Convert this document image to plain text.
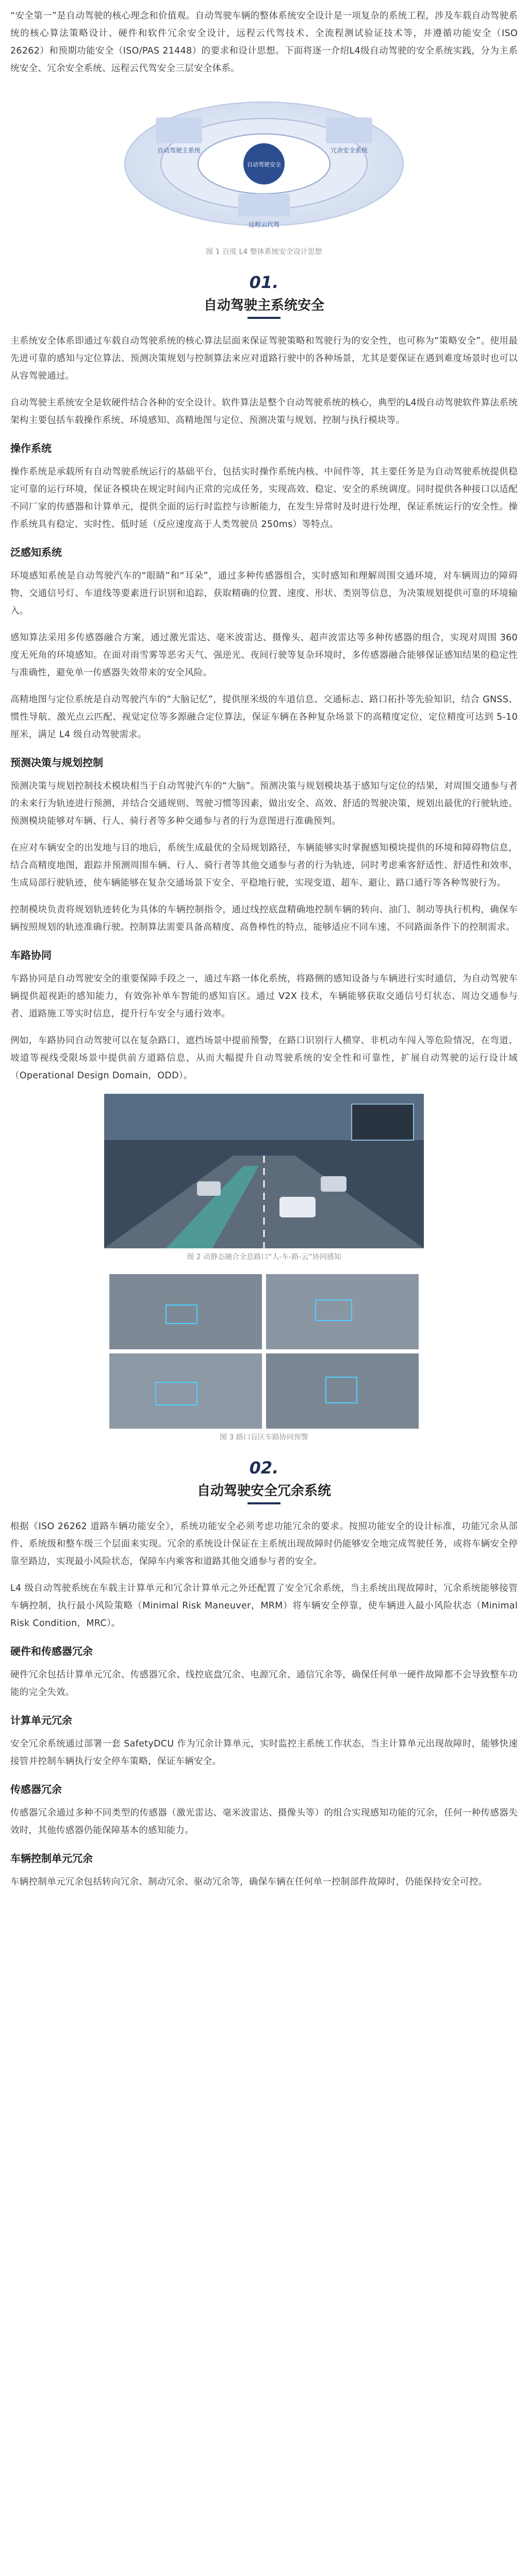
“安全第一”是自动驾驶的核心理念和价值观。自动驾驶车辆的整体系统安全设计是一项复杂的系统工程，涉及车载自动驾驶系统的核心算法策略设计、硬件和软件冗余安全设计，远程云代驾技术、全流程测试验证技术等，并遵循功能安全（ISO 26262）和预期功能安全（ISO/PAS 21448）的要求和设计思想。下面将逐一介绍L4级自动驾驶的安全系统实践，分为主系统安全、冗余安全系统、远程云代驾安全三层安全体系。

自动驾驶安全
自动驾驶主系统	冗余安全系统
远程云代驾
图 1 百度 L4 整体系统安全设计思想
01.
自动驾驶主系统安全

主系统安全体系即通过车载自动驾驶系统的核心算法层面来保证驾驶策略和驾驶行为的安全性，也可称为“策略安全”。使用最先进可靠的感知与定位算法、预测决策规划与控制算法来应对道路行驶中的各种场景，尤其是要保证在遇到难度场景时也可以从容驾驶通过。

自动驾驶主系统安全是软硬件结合各种的安全设计。软件算法是整个自动驾驶系统的核心，典型的L4级自动驾驶软件算法系统架构主要包括车载操作系统、环境感知、高精地图与定位、预测决策与规划、控制与执行模块等。

操作系统

操作系统是承载所有自动驾驶系统运行的基础平台，包括实时操作系统内核、中间件等，其主要任务是为自动驾驶系统提供稳定可靠的运行环境，保证各模块在规定时间内正常的完成任务，实现高效、稳定、安全的系统调度。同时提供各种接口以适配不同厂家的传感器和计算单元，提供全面的运行时监控与诊断能力，在发生异常时及时进行处理，保证系统运行的安全性。操作系统具有稳定、实时性、低时延（反应速度高于人类驾驶员 250ms）等特点。

泛感知系统

环境感知系统是自动驾驶汽车的“眼睛”和“耳朵”，通过多种传感器组合，实时感知和理解周围交通环境，对车辆周边的障碍物、交通信号灯、车道线等要素进行识别和追踪，获取精确的位置、速度、形状、类别等信息，为决策规划提供可靠的环境输入。

感知算法采用多传感器融合方案，通过激光雷达、毫米波雷达、摄像头、超声波雷达等多种传感器的组合，实现对周围 360 度无死角的环境感知。在面对雨雪雾等恶劣天气、强逆光、夜间行驶等复杂环境时，多传感器融合能够保证感知结果的稳定性与准确性，避免单一传感器失效带来的安全风险。

高精地图与定位系统是自动驾驶汽车的“大脑记忆”，提供厘米级的车道信息、交通标志、路口拓扑等先验知识，结合 GNSS、惯性导航、激光点云匹配、视觉定位等多源融合定位算法，保证车辆在各种复杂场景下的高精度定位，定位精度可达到 5-10 厘米，满足 L4 级自动驾驶需求。

预测决策与规划控制

预测决策与规划控制技术模块相当于自动驾驶汽车的“大脑”。预测决策与规划模块基于感知与定位的结果，对周围交通参与者的未来行为轨迹进行预测，并结合交通规则、驾驶习惯等因素，做出安全、高效、舒适的驾驶决策，规划出最优的行驶轨迹。预测模块能够对车辆、行人、骑行者等多种交通参与者的行为意图进行准确预判。

在应对车辆安全的出发地与目的地后，系统生成最优的全局规划路径，车辆能够实时掌握感知模块提供的环境和障碍物信息，结合高精度地图，跟踪并预测周围车辆、行人、骑行者等其他交通参与者的行为轨迹，同时考虑乘客舒适性、舒适性和效率，生成局部行驶轨迹，使车辆能够在复杂交通场景下安全、平稳地行驶，实现变道、超车、避让、路口通行等各种驾驶行为。

控制模块负责将规划轨迹转化为具体的车辆控制指令，通过线控底盘精确地控制车辆的转向、油门、制动等执行机构，确保车辆按照规划的轨迹准确行驶。控制算法需要具备高精度、高鲁棒性的特点，能够适应不同车速、不同路面条件下的控制需求。

车路协同

车路协同是自动驾驶安全的重要保障手段之一，通过车路一体化系统，将路侧的感知设备与车辆进行实时通信，为自动驾驶车辆提供超视距的感知能力，有效弥补单车智能的感知盲区。通过 V2X 技术，车辆能够获取交通信号灯状态、周边交通参与者、道路施工等实时信息，提升行车安全与通行效率。

例如，车路协同自动驾驶可以在复杂路口、遮挡场景中提前预警，在路口识别行人横穿、非机动车闯入等危险情况，在弯道、坡道等视线受限场景中提供前方道路信息，从而大幅提升自动驾驶系统的安全性和可靠性，扩展自动驾驶的运行设计域（Operational Design Domain，ODD）。

图 2 动静态融合全息路口“人-车-路-云”协同感知
图 3 路口盲区车路协同预警
02.
自动驾驶安全冗余系统

根据《ISO 26262 道路车辆功能安全》，系统功能安全必须考虑功能冗余的要求。按照功能安全的设计标准，功能冗余从部件、系统级和整车级三个层面来实现。冗余的系统设计保证在主系统出现故障时仍能够安全地完成驾驶任务，或将车辆安全停靠至路边，实现最小风险状态，保障车内乘客和道路其他交通参与者的安全。

L4 级自动驾驶系统在车载主计算单元和冗余计算单元之外还配置了安全冗余系统，当主系统出现故障时，冗余系统能够接管车辆控制，执行最小风险策略（Minimal Risk Maneuver，MRM）将车辆安全停靠，使车辆进入最小风险状态（Minimal Risk Condition，MRC）。

硬件和传感器冗余

硬件冗余包括计算单元冗余、传感器冗余、线控底盘冗余、电源冗余、通信冗余等，确保任何单一硬件故障都不会导致整车功能的完全失效。

计算单元冗余

安全冗余系统通过部署一套 SafetyDCU 作为冗余计算单元，实时监控主系统工作状态，当主计算单元出现故障时，能够快速接管并控制车辆执行安全停车策略，保证车辆安全。

传感器冗余

传感器冗余通过多种不同类型的传感器（激光雷达、毫米波雷达、摄像头等）的组合实现感知功能的冗余，任何一种传感器失效时，其他传感器仍能保障基本的感知能力。

车辆控制单元冗余

车辆控制单元冗余包括转向冗余、制动冗余、驱动冗余等，确保车辆在任何单一控制部件故障时，仍能保持安全可控。
